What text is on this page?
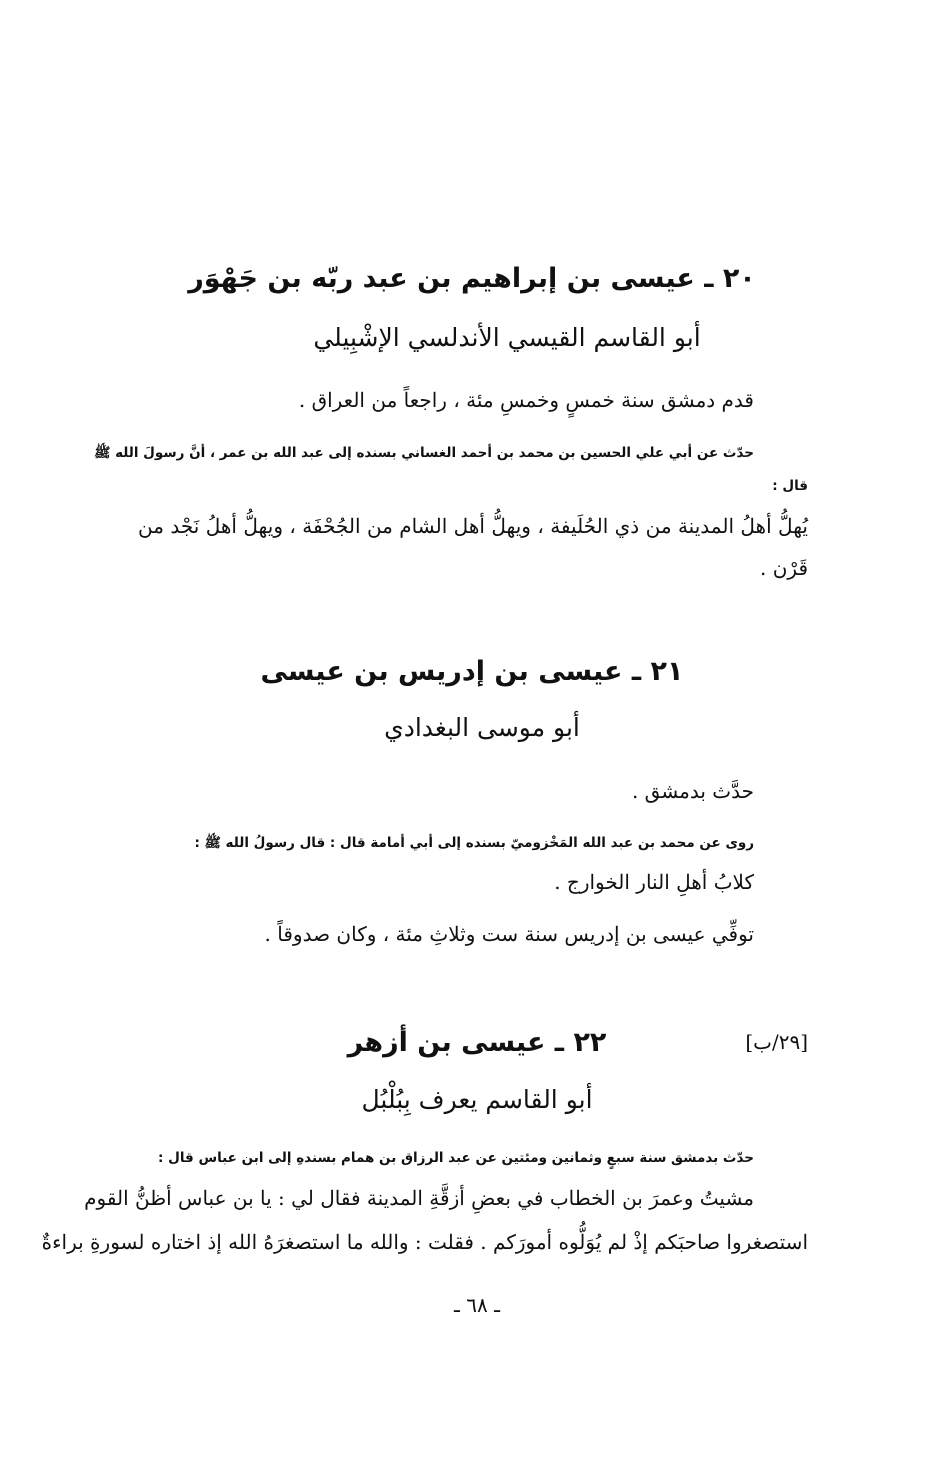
٢٠ ـ عيسى بن إبراهيم بن عبد ربّه بن جَهْوَر
أبو القاسم القيسي الأندلسي الإشْبِيلي
قدم دمشق سنة خمسٍ وخمسِ مئة ، راجعاً من العراق .
حدّث عن أبي علي الحسين بن محمد بن أحمد الغساني بسنده إلى عبد الله بن عمر ، أنَّ رسولَ الله ﷺ
قال :
يُهلُّ أهلُ المدينة من ذي الحُلَيفة ، ويهلُّ أهل الشام من الجُحْفَة ، ويهلُّ أهلُ نَجْد من
قَرْن .
٢١ ـ عيسى بن إدريس بن عيسى
أبو موسى البغدادي
حدَّث بدمشق .
روى عن محمد بن عبد الله المَخْزوميّ بسنده إلى أبي أمامة قال : قال رسولُ الله ﷺ :
كلابُ أهلِ النار الخوارج .
توفِّي عيسى بن إدريس سنة ست وثلاثِ مئة ، وكان صدوقاً .
[٢٩/ب]
٢٢ ـ عيسى بن أزهر
أبو القاسم يعرف بِبُلْبُل
حدّث بدمشق سنة سبعٍ وثمانين ومئتين عن عبد الرزاق بن همام بسندهِ إلى ابن عباس قال :
مشيتُ وعمرَ بن الخطاب في بعضِ أزقَّةِ المدينة فقال لي : يا بن عباس أظنُّ القوم
استصغروا صاحبَكم إذْ لم يُوَلُّوه أمورَكم . فقلت : والله ما استصغرَهُ الله إذ اختاره لسورةِ براءةٌ
ـ ٦٨ ـ
